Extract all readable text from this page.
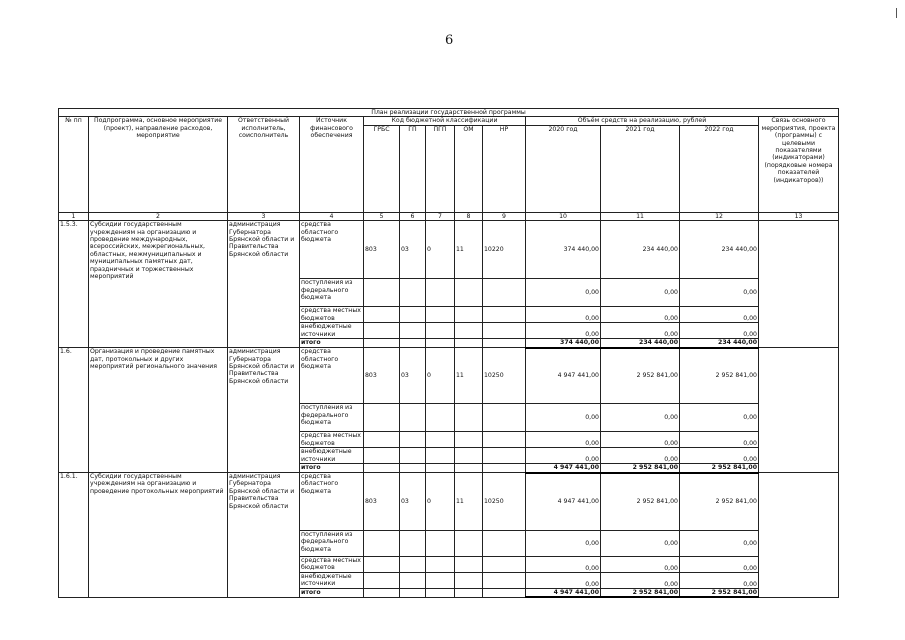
6
План реализации государственной программы												
№ пп	Подпрограмма, основное мероприятие (проект), направление расходов, мероприятие	Ответственный исполнитель, соисполнитель	Источник финансового обеспечения	Код бюджетной классификации					Объём средств на реализацию, рублей			Связь основного мероприятия, проекта (программы) с целевыми показателями (индикаторами) (порядковые номера показателей (индикаторов))
				ГРБС	ГП	ПГП	ОМ	НР	2020 год	2021 год	2022 год	

1	2	3	4	5	6	7	8	9	10	11	12	13
1.5.3.	Субсидии государственным учреждениям на организацию и проведение международных, всероссийских, межрегиональных, областных, межмуниципальных и муниципальных памятных дат, праздничных и торжественных мероприятий	администрация Губернатора Брянской области и Правительства Брянской области	средства областного бюджета	803	03	0	11	10220	374 440,00	234 440,00	234 440,00	
			поступления из федерального бюджета						0,00	0,00	0,00	
			средства местных бюджетов						0,00	0,00	0,00	
			внебюджетные источники						0,00	0,00	0,00	
			итого						374 440,00	234 440,00	234 440,00	
1.6.	Организация и проведение памятных дат, протокольных и других мероприятий регионального значения	администрация Губернатора Брянской области и Правительства Брянской области	средства областного бюджета	803	03	0	11	10250	4 947 441,00	2 952 841,00	2 952 841,00	
			поступления из федерального бюджета						0,00	0,00	0,00	
			средства местных бюджетов						0,00	0,00	0,00	
			внебюджетные источники						0,00	0,00	0,00	
			итого						4 947 441,00	2 952 841,00	2 952 841,00	
1.6.1.	Субсидии государственным учреждениям на организацию и проведение протокольных мероприятий	администрация Губернатора Брянской области и Правительства Брянской области	средства областного бюджета	803	03	0	11	10250	4 947 441,00	2 952 841,00	2 952 841,00	
			поступления из федерального бюджета						0,00	0,00	0,00	
			средства местных бюджетов						0,00	0,00	0,00	
			внебюджетные источники						0,00	0,00	0,00	
			итого						4 947 441,00	2 952 841,00	2 952 841,00	
